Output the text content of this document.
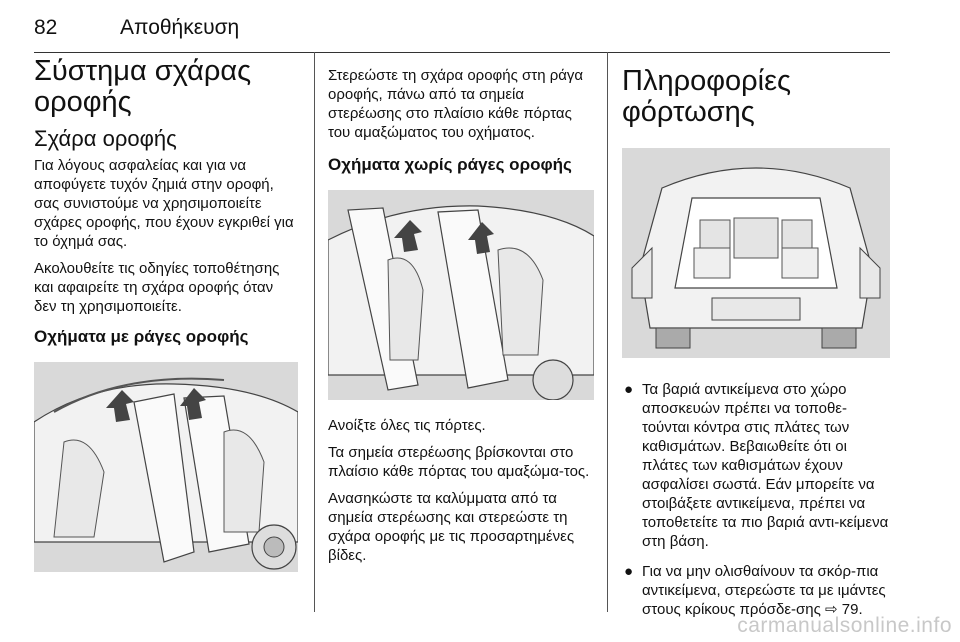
82	Αποθήκευση
Σύστημα σχάρας οροφής
Σχάρα οροφής

Για λόγους ασφαλείας και για να αποφύγετε τυχόν ζημιά στην οροφή, σας συνιστούμε να χρησιμοποιείτε σχάρες οροφής, που έχουν εγκριθεί για το όχημά σας.

Ακολουθείτε τις οδηγίες τοποθέτησης και αφαιρείτε τη σχάρα οροφής όταν δεν τη χρησιμοποιείτε.

Οχήματα με ράγες οροφής

Στερεώστε τη σχάρα οροφής στη ράγα οροφής, πάνω από τα σημεία στερέωσης στο πλαίσιο κάθε πόρτας του αμαξώματος του οχήματος.

Οχήματα χωρίς ράγες οροφής

Ανοίξτε όλες τις πόρτες.

Τα σημεία στερέωσης βρίσκονται στο πλαίσιο κάθε πόρτας του αμαξώμα-τος.

Ανασηκώστε τα καλύμματα από τα σημεία στερέωσης και στερεώστε τη σχάρα οροφής με τις προσαρτημένες βίδες.

Πληροφορίες φόρτωσης
● Τα βαριά αντικείμενα στο χώρο αποσκευών πρέπει να τοποθε-τούνται κόντρα στις πλάτες των καθισμάτων. Βεβαιωθείτε ότι οι πλάτες των καθισμάτων έχουν ασφαλίσει σωστά. Εάν μπορείτε να στοιβάξετε αντικείμενα, πρέπει να τοποθετείτε τα πιο βαριά αντι-κείμενα στη βάση.
● Για να μην ολισθαίνουν τα σκόρ-πια αντικείμενα, στερεώστε τα με ιμάντες στους κρίκους πρόσδε-σης ⇨ 79.
carmanualsonline.info
